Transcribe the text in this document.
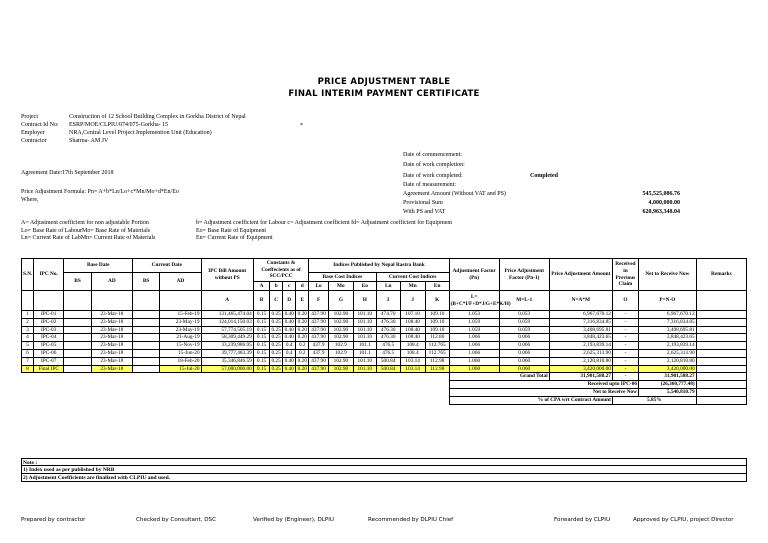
PRICE ADJUSTMENT TABLE
FINAL INTERIM PAYMENT CERTIFICATE
Project	Construction of 12 School Building Complex in Gorkha District of Nepal
Contract Id No: ESRP/MOE/CLPIU/074/075-Gorkha- 15
Employer	NRA,Central Level Project Implemention Unit (Education)
Contractor	Sharma- AM JV
*
Agreement Date:17th September 2018
Price Adjustment Formula: Pn= A+b*Ln/Lo+c*Mn/Mo+d*En/Eo
Where,
Date of commencement:
Date of work completion:
Date of work completed:	Completed
Date of measurement:
Agreement Amount (Without VAT and PS)	545,525,086.76
Provisional Sum	4,000,000.00
With PS and VAT	620,963,348.04
A= Adjustment coefficient for non adjustable Portion
Lo= Base Rate of LabourMo= Base Rate of Materials
Ln= Current Rate of LabMn= Current Rate of Materials
b= Adjustment coefficient for Labour c= Adjustment coefficient fd= Adjustment coefficient for Equipment
Eo= Base Rate of Equipment
En= Current Rate of Equipment
S.N.	IPC No.	Base Date		Current Date		IPC Bill Amount without PS	Constants & Coeffecients as of SCC/PCC				Indices Published by Nepal Rastra Bank						Adjustment Factor (Pn)	Price Adjustment Factor (Pn-1)	Price Adjustment Amount	Received in Previous Claim	Net to Receive Now	Remarks
		BS	AD	BS	AD						Base Cost Indices			Current Cost Indices								
							A	b	c	d	Lo	Mo	Eo	Ln	Mn	En						
						A	B	C	D	E	F	G	H	I	J	K	L=(B+C*I/F+D*J/G+E*K/H)	M=L-1	N=A*M	O	P=N-O	
1	IPC-01		23-Mar-18		15-Feb-19	131,465,474.04	0.15	0.25	0.40	0.20	437.90	102.90	101.10	474.70	107.10	109.10	1.053	0.053	6,967,670.12	-	6,967,670.12	
2	IPC-02		23-Mar-18		23-May-19	124,014,150.03	0.15	0.25	0.40	0.20	437.90	102.90	101.10	476.30	108.40	109.10	1.059	0.059	7,316,834.85	-	7,316,834.85	
3	IPC-03		23-Mar-18		23-May-19	57,774,505.19	0.15	0.25	0.40	0.20	437.90	102.90	101.10	476.30	108.40	109.10	1.059	0.059	3,408,695.81	-	3,408,695.81	
4	IPC-04		23-Mar-18		21-Aug-19	58,309,449.29	0.15	0.25	0.40	0.20	437.90	102.90	101.10	476.30	108.40	112.80	1.066	0.066	3,848,423.65	-	3,848,423.65	
5	IPC-05		23-Mar-18		15-Nov-19	33,239,986.95	0.15	0.25	0.4	0.2	437.9	102.9	101.1	476.5	108.4	112.765	1.066	0.066	2,193,839.14	-	2,193,839.14	
6	IPC-06		23-Mar-18		15-Jun-20	39,777,483.39	0.15	0.25	0.4	0.2	437.9	102.9	101.1	476.5	108.4	112.765	1.066	0.066	2,625,313.90	-	2,625,313.90	
7	IPC-07		23-Mar-18		18-Feb-20	35,346,846.59	0.15	0.25	0.40	0.20	437.90	102.90	101.10	500.84	103.14	112.98	1.060	0.060	2,120,810.80	-	2,120,810.80	
8	Final IPC		23-Mar-18		15-Jul-20	57,000,000.00	0.15	0.25	0.40	0.20	437.90	102.90	101.10	500.84	103.14	112.98	1.060	0.060	3,420,000.00	-	3,420,000.00	
																	Grand Total		31,901,588.27	-	31,901,588.27	
																	Received upto IPC-06				(26,360,777.48)	
																	Net to Receive Now				5,540,810.79	
																	% of CPA wrt Contract Amount			5.85%		
Note :
1) Index used as per published by NRB
2) Adjustment Coefficients are finalized with CLPIU and used.
Prepared by contractor	Checked by Consultant, DSC	Verified by (Engineer), DLPIU	Recommended by DLPIU Chief	Forwarded by CLPIU	Approved by CLPIU, project Director
